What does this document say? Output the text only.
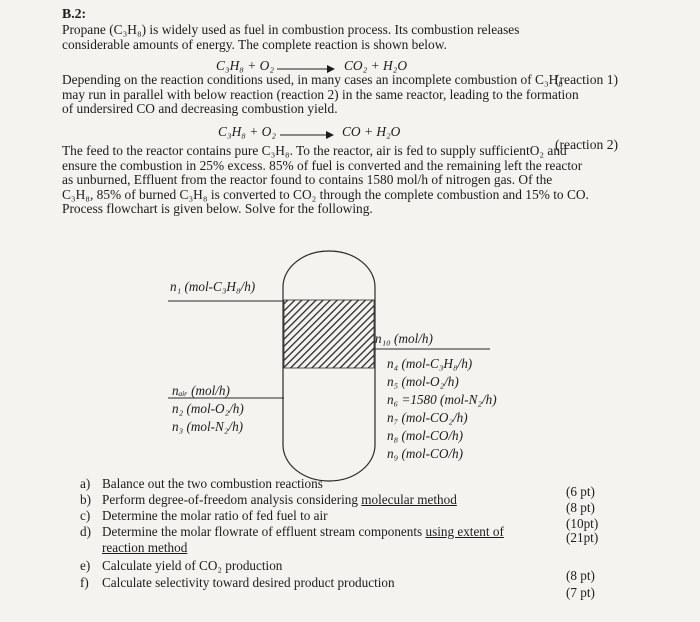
B.2:
Propane (C₃H₈) is widely used as fuel in combustion process. Its combustion releases
considerable amounts of energy. The complete reaction is shown below.
C₃H₈ + O₂	CO₂ + H₂O
(reaction 1)
Depending on the reaction conditions used, in many cases an incomplete combustion of C₃H₈
may run in parallel with below reaction (reaction 2) in the same reactor, leading to the formation
of undersired CO and decreasing combustion yield.
C₃H₈ + O₂	CO + H₂O
(reaction 2)
The feed to the reactor contains pure C₃H₈. To the reactor, air is fed to supply sufficientO₂ and
ensure the combustion in 25% excess. 85% of fuel is converted and the remaining left the reactor
as unburned, Effluent from the reactor found to contains 1580 mol/h of nitrogen gas. Of the
C₃H₈, 85% of burned C₃H₈ is converted to CO₂ through the complete combustion and 15% to CO.
Process flowchart is given below. Solve for the following.
n₁ (mol-C₃H₈/h)
nₐᵢᵣ (mol/h)
n₂ (mol-O₂/h)
n₃ (mol-N₂/h)
n₁₀ (mol/h)
n₄ (mol-C₃H₈/h)
n₅ (mol-O₂/h)
n₆ =1580 (mol-N₂/h)
n₇ (mol-CO₂/h)
n₈ (mol-CO/h)
n₉ (mol-CO/h)
a) Balance out the two combustion reactions
(6 pt)
b) Perform degree-of-freedom analysis considering molecular method
(8 pt)
c) Determine the molar ratio of fed fuel to air
(10pt)
d) Determine the molar flowrate of effluent stream components using extent of
reaction method
(21pt)
e) Calculate yield of CO₂ production
(8 pt)
f) Calculate selectivity toward desired product production
(7 pt)
